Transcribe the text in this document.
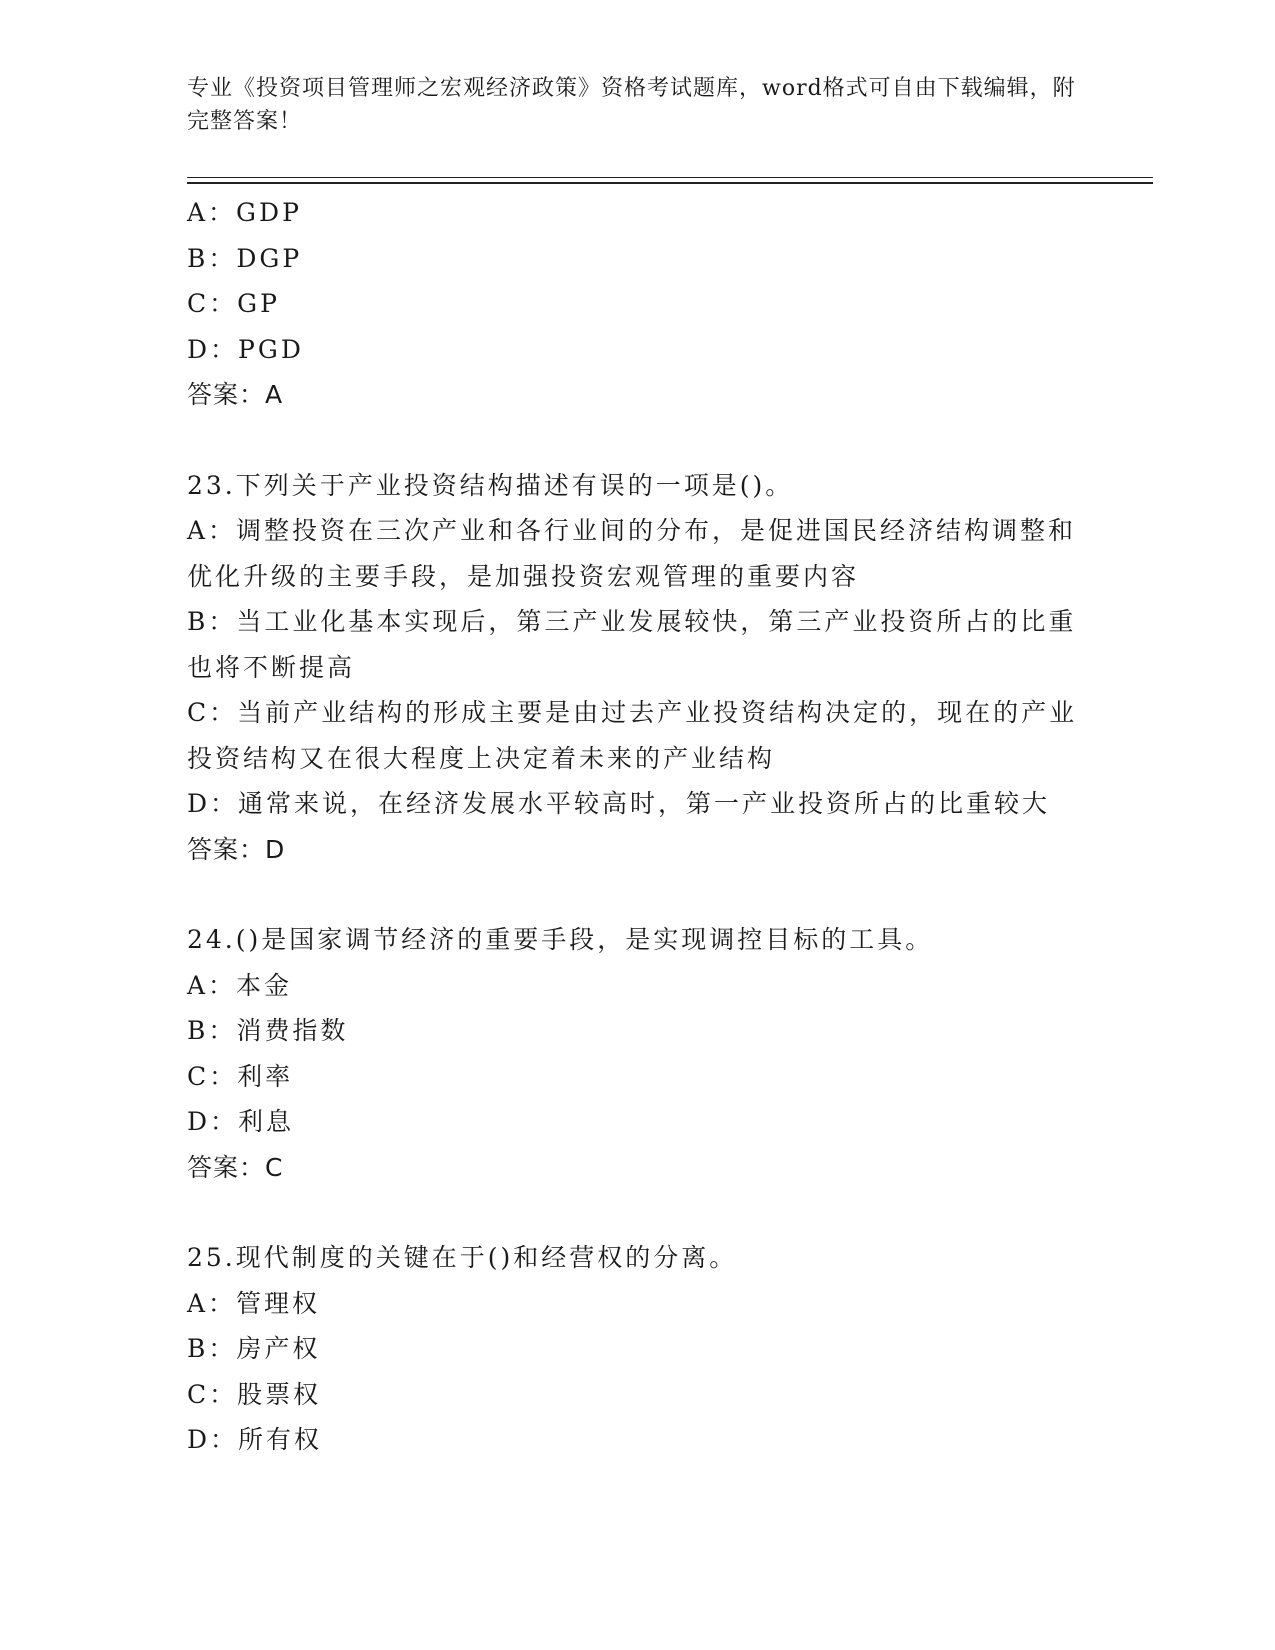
专业《投资项目管理师之宏观经济政策》资格考试题库，word格式可自由下载编辑，附完整答案！
A：GDP
B：DGP
C：GP
D：PGD
答案：A
23.下列关于产业投资结构描述有误的一项是()。
A：调整投资在三次产业和各行业间的分布，是促进国民经济结构调整和优化升级的主要手段，是加强投资宏观管理的重要内容
B：当工业化基本实现后，第三产业发展较快，第三产业投资所占的比重也将不断提高
C：当前产业结构的形成主要是由过去产业投资结构决定的，现在的产业投资结构又在很大程度上决定着未来的产业结构
D：通常来说，在经济发展水平较高时，第一产业投资所占的比重较大
答案：D
24.()是国家调节经济的重要手段，是实现调控目标的工具。
A：本金
B：消费指数
C：利率
D：利息
答案：C
25.现代制度的关键在于()和经营权的分离。
A：管理权
B：房产权
C：股票权
D：所有权
